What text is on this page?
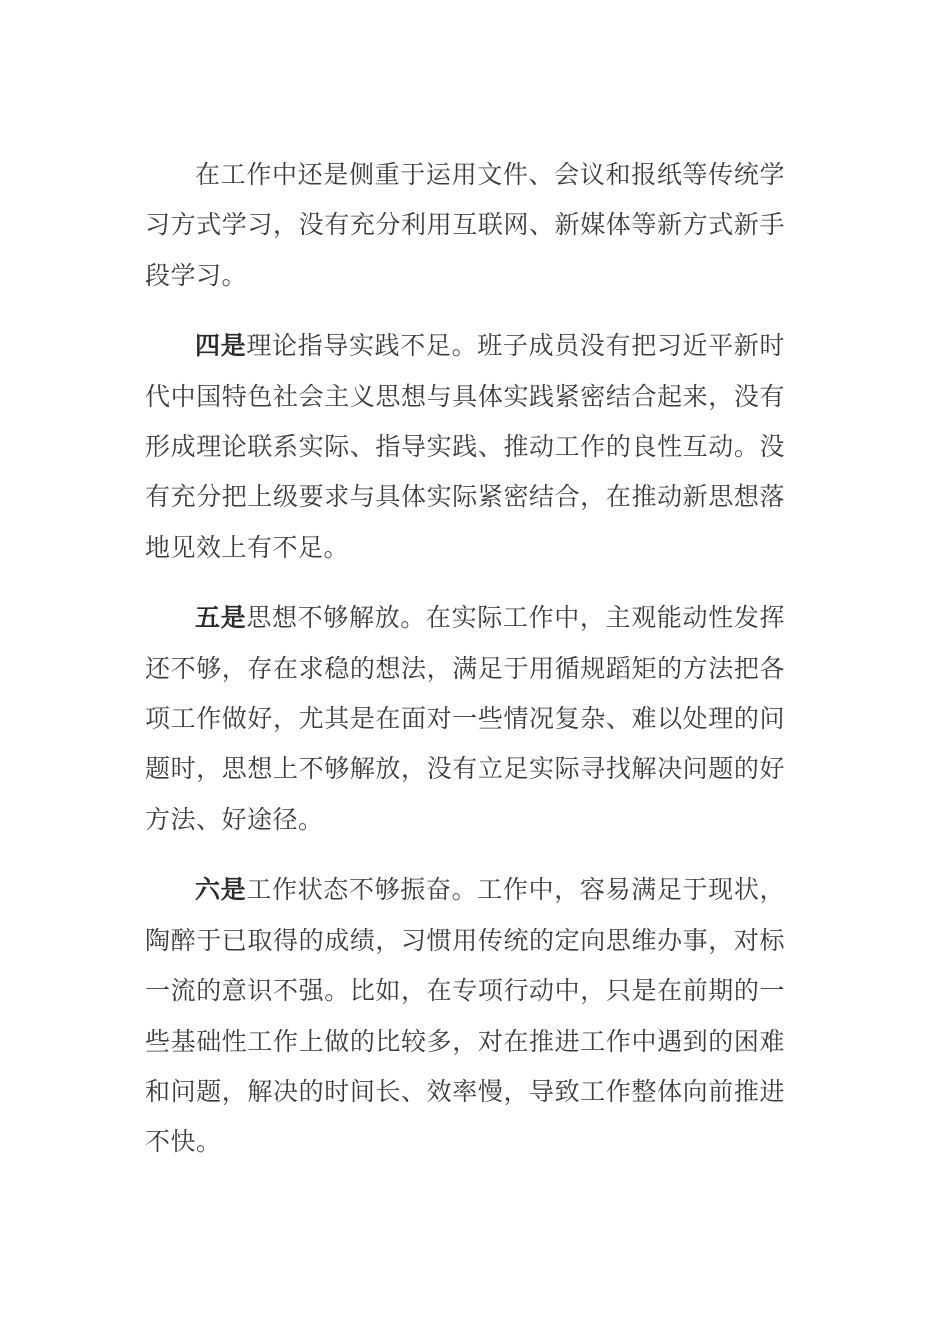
在工作中还是侧重于运用文件、会议和报纸等传统学习方式学习，没有充分利用互联网、新媒体等新方式新手段学习。

四是理论指导实践不足。班子成员没有把习近平新时代中国特色社会主义思想与具体实践紧密结合起来，没有形成理论联系实际、指导实践、推动工作的良性互动。没有充分把上级要求与具体实际紧密结合，在推动新思想落地见效上有不足。

五是思想不够解放。在实际工作中，主观能动性发挥还不够，存在求稳的想法，满足于用循规蹈矩的方法把各项工作做好，尤其是在面对一些情况复杂、难以处理的问题时，思想上不够解放，没有立足实际寻找解决问题的好方法、好途径。

六是工作状态不够振奋。工作中，容易满足于现状，陶醉于已取得的成绩，习惯用传统的定向思维办事，对标一流的意识不强。比如，在专项行动中，只是在前期的一些基础性工作上做的比较多，对在推进工作中遇到的困难和问题，解决的时间长、效率慢，导致工作整体向前推进不快。
